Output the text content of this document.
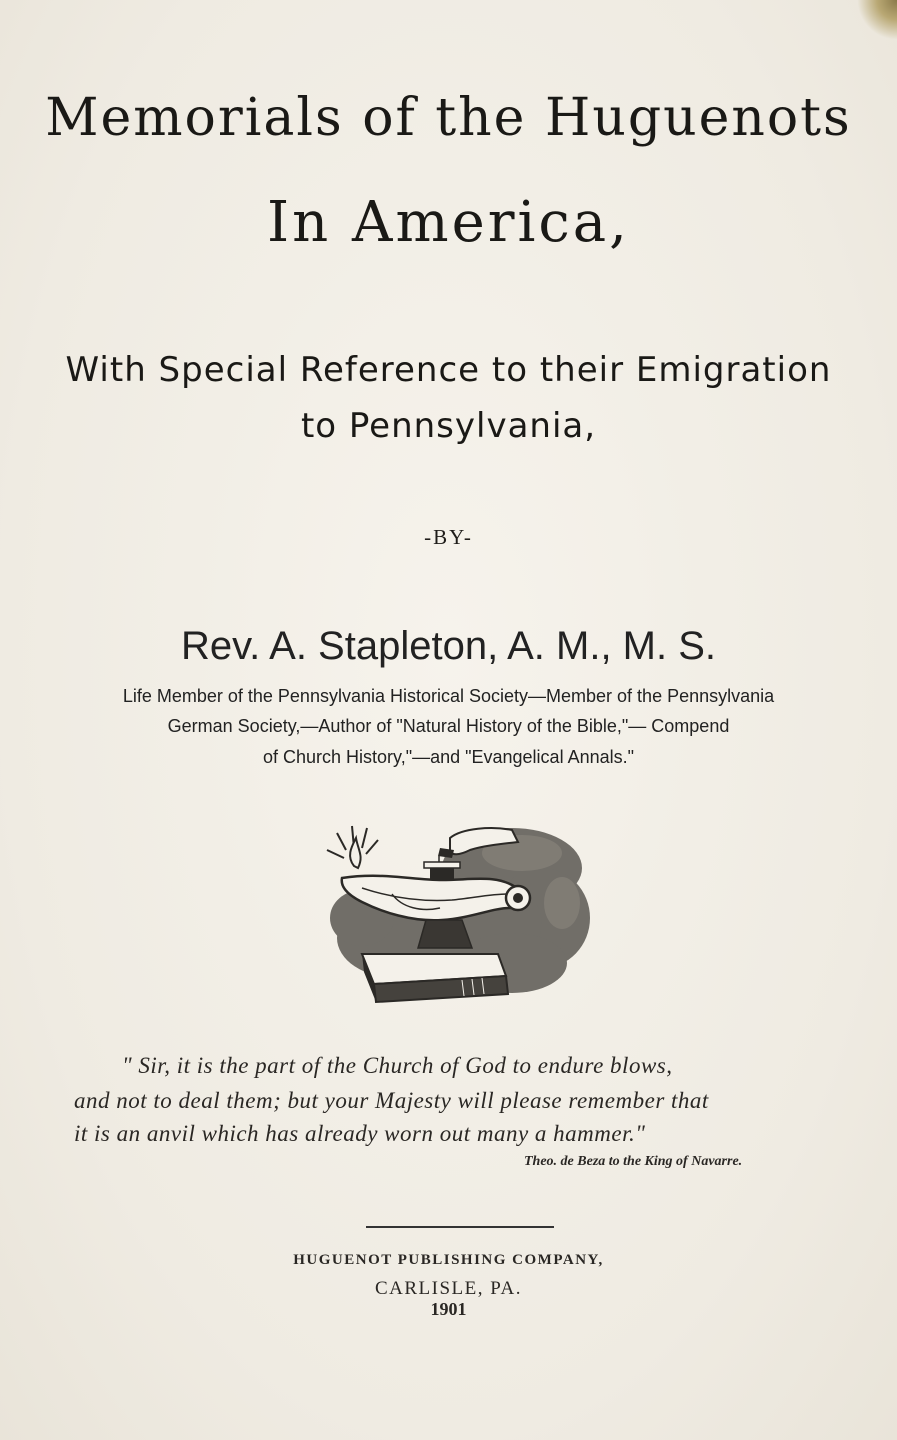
Memorials of the Huguenots
In America,
With Special Reference to their Emigration
to Pennsylvania,
-BY-
Rev. A. Stapleton, A. M., M. S.
Life Member of the Pennsylvania Historical Society—Member of the Pennsylvania
German Society,—Author of "Natural History of the Bible,"— Compend
of Church History,"—and "Evangelical Annals."
" Sir, it is the part of the Church of God to endure blows,
and not to deal them; but your Majesty will please remember that
it is an anvil which has already worn out many a hammer."
Theo. de Beza to the King of Navarre.
HUGUENOT PUBLISHING COMPANY,
CARLISLE, PA.
1901
